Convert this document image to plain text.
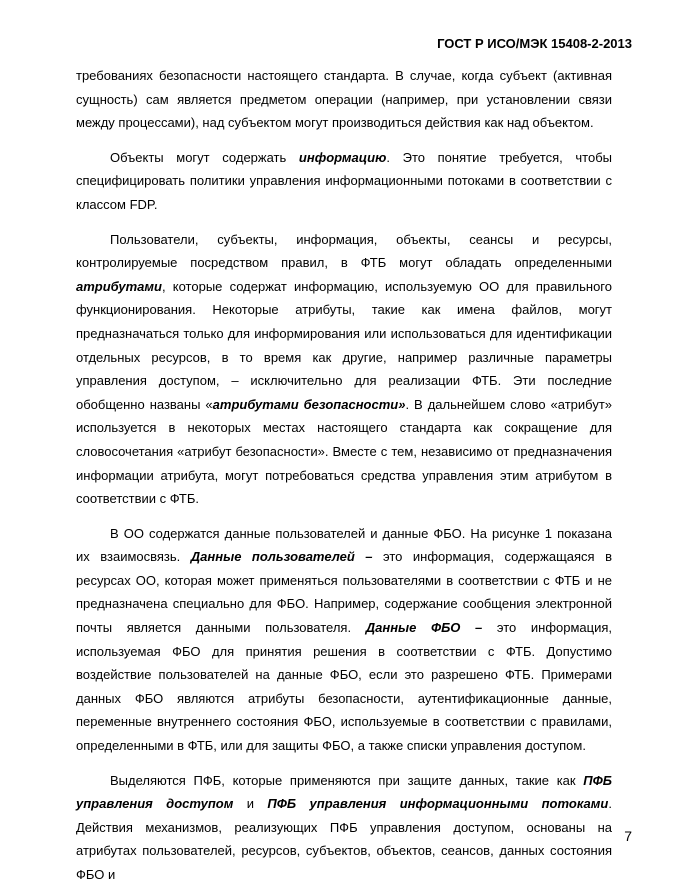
ГОСТ Р ИСО/МЭК 15408-2-2013

требованиях безопасности настоящего стандарта. В случае, когда субъект (активная сущность) сам является предметом операции (например, при установлении связи между процессами), над субъектом могут производиться действия как над объектом.

Объекты могут содержать информацию. Это понятие требуется, чтобы специфицировать политики управления информационными потоками в соответствии с классом FDP.

Пользователи, субъекты, информация, объекты, сеансы и ресурсы, контролируемые посредством правил, в ФТБ могут обладать определенными атрибутами, которые содержат информацию, используемую ОО для правильного функционирования. Некоторые атрибуты, такие как имена файлов, могут предназначаться только для информирования или использоваться для идентификации отдельных ресурсов, в то время как другие, например различные параметры управления доступом, – исключительно для реализации ФТБ. Эти последние обобщенно названы «атрибутами безопасности». В дальнейшем слово «атрибут» используется в некоторых местах настоящего стандарта как сокращение для словосочетания «атрибут безопасности». Вместе с тем, независимо от предназначения информации атрибута, могут потребоваться средства управления этим атрибутом в соответствии с ФТБ.

В ОО содержатся данные пользователей и данные ФБО. На рисунке 1 показана их взаимосвязь. Данные пользователей – это информация, содержащаяся в ресурсах ОО, которая может применяться пользователями в соответствии с ФТБ и не предназначена специально для ФБО. Например, содержание сообщения электронной почты является данными пользователя. Данные ФБО – это информация, используемая ФБО для принятия решения в соответствии с ФТБ. Допустимо воздействие пользователей на данные ФБО, если это разрешено ФТБ. Примерами данных ФБО являются атрибуты безопасности, аутентификационные данные, переменные внутреннего состояния ФБО, используемые в соответствии с правилами, определенными в ФТБ, или для защиты ФБО, а также списки управления доступом.

Выделяются ПФБ, которые применяются при защите данных, такие как ПФБ управления доступом и ПФБ управления информационными потоками. Действия механизмов, реализующих ПФБ управления доступом, основаны на атрибутах пользователей, ресурсов, субъектов, объектов, сеансов, данных состояния ФБО и

7
